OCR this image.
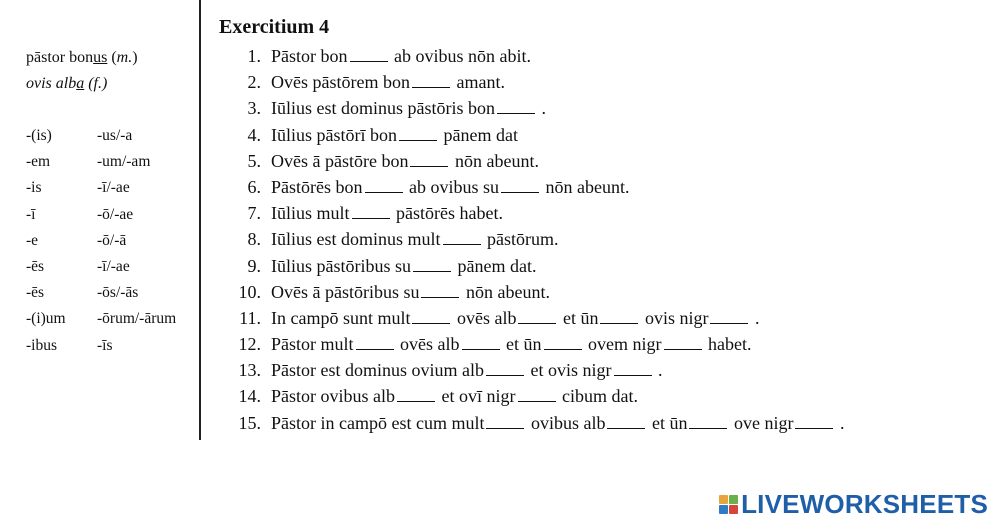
pāstor bonus (m.)
ovis alba (f.)
-(is)	-us/-a
-em	-um/-am
-is	-ī/-ae
-ī	-ō/-ae
-e	-ō/-ā
-ēs	-ī/-ae
-ēs	-ōs/-ās
-(i)um -ōrum/-ārum
-ibus	-īs
Exercitium 4
1. Pāstor bon ab ovibus nōn abit.
2. Ovēs pāstōrem bon amant.
3. Iūlius est dominus pāstōris bon .
4. Iūlius pāstōrī bon pānem dat
5. Ovēs ā pāstōre bon nōn abeunt.
6. Pāstōrēs bon ab ovibus su nōn abeunt.
7. Iūlius mult pāstōrēs habet.
8. Iūlius est dominus mult pāstōrum.
9. Iūlius pāstōribus su pānem dat.
10. Ovēs ā pāstōribus su nōn abeunt.
11. In campō sunt mult ovēs alb et ūn ovis nigr .
12. Pāstor mult ovēs alb et ūn ovem nigr habet.
13. Pāstor est dominus ovium alb et ovis nigr .
14. Pāstor ovibus alb et ovī nigr cibum dat.
15. Pāstor in campō est cum mult ovibus alb et ūn ove nigr .
LIVEWORKSHEETS
